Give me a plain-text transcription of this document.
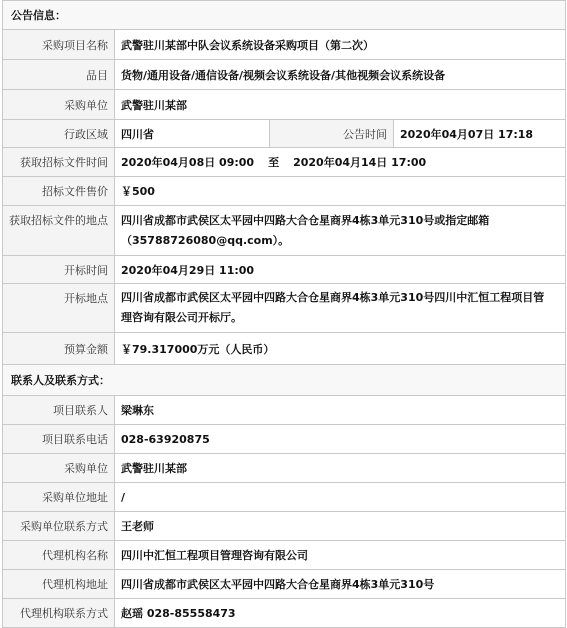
公告信息：			
采购项目名称	武警驻川某部中队会议系统设备采购项目（第二次）		
品目	货物/通用设备/通信设备/视频会议系统设备/其他视频会议系统设备		
采购单位	武警驻川某部		
行政区域	四川省	公告时间	2020年04月07日 17:18
获取招标文件时间	2020年04月08日 09:00 至 2020年04月14日 17:00		
招标文件售价	￥500		
获取招标文件的地点	四川省成都市武侯区太平园中四路大合仓星商界4栋3单元310号或指定邮箱
（35788726080@qq.com）。		

开标时间	2020年04月29日 11:00		
开标地点	四川省成都市武侯区太平园中四路大合仓星商界4栋3单元310号四川中汇恒工程项目管
理咨询有限公司开标厅。		

预算金额	￥79.317000万元（人民币）		
联系人及联系方式：			
项目联系人	梁琳东		
项目联系电话	028-63920875		
采购单位	武警驻川某部		
采购单位地址	/		
采购单位联系方式	王老师		
代理机构名称	四川中汇恒工程项目管理咨询有限公司		
代理机构地址	四川省成都市武侯区太平园中四路大合仓星商界4栋3单元310号		
代理机构联系方式	赵瑶 028-85558473		
